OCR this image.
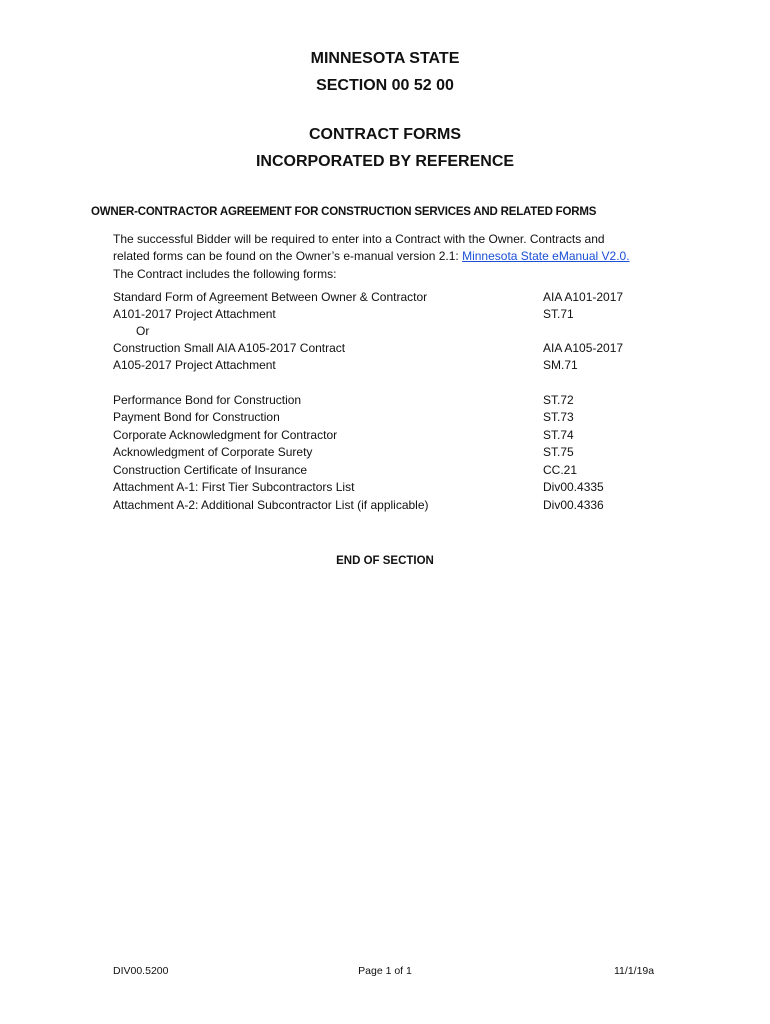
MINNESOTA STATE
SECTION 00 52 00
CONTRACT FORMS
INCORPORATED BY REFERENCE
OWNER-CONTRACTOR AGREEMENT FOR CONSTRUCTION SERVICES AND RELATED FORMS
The successful Bidder will be required to enter into a Contract with the Owner. Contracts and
related forms can be found on the Owner’s e-manual version 2.1: Minnesota State eManual V2.0.
The Contract includes the following forms:
Standard Form of Agreement Between Owner & Contractor	AIA A101-2017
A101-2017 Project Attachment	ST.71
Or
Construction Small AIA A105-2017 Contract	AIA A105-2017
A105-2017 Project Attachment	SM.71
Performance Bond for Construction	ST.72
Payment Bond for Construction	ST.73
Corporate Acknowledgment for Contractor	ST.74
Acknowledgment of Corporate Surety	ST.75
Construction Certificate of Insurance	CC.21
Attachment A-1: First Tier Subcontractors List	Div00.4335
Attachment A-2: Additional Subcontractor List (if applicable)	Div00.4336
END OF SECTION
DIV00.5200	Page 1 of 1	11/1/19a
